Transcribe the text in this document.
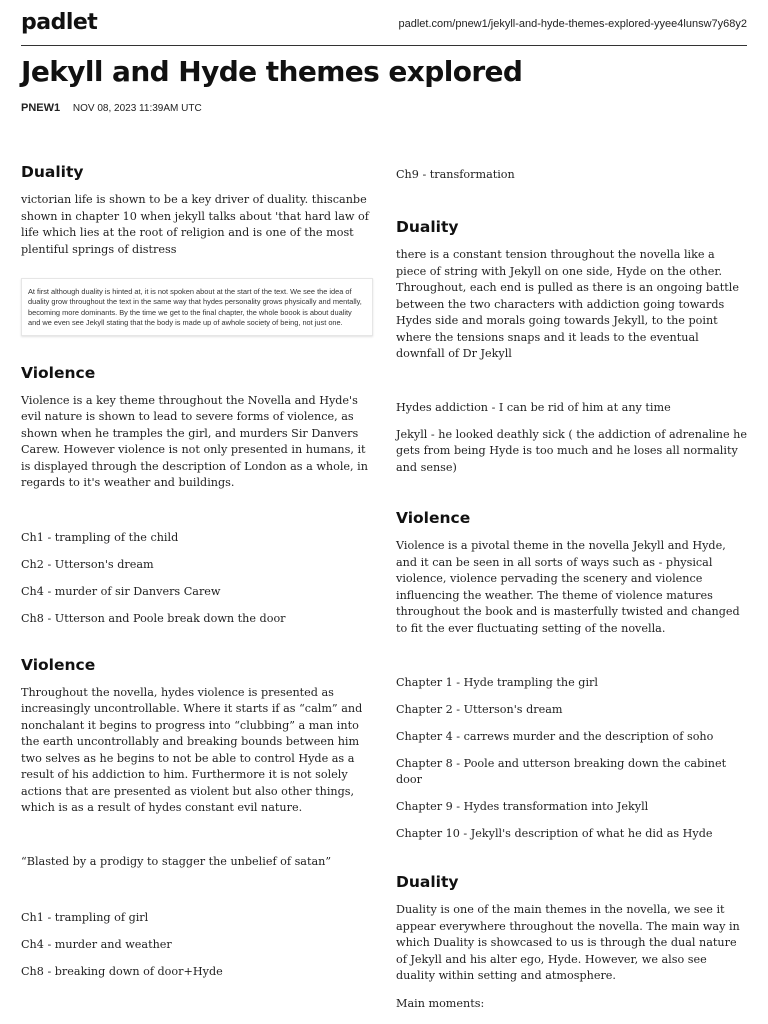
padlet	padlet.com/pnew1/jekyll-and-hyde-themes-explored-yyee4lunsw7y68y2
Jekyll and Hyde themes explored
PNEW1 NOV 08, 2023 11:39AM UTC
Duality

victorian life is shown to be a key driver of duality. thiscanbe shown in chapter 10 when jekyll talks about 'that hard law of life which lies at the root of religion and is one of the most plentiful springs of distress

At first although duality is hinted at, it is not spoken about at the start of the text. We see the idea of duality grow throughout the text in the same way that hydes personality grows physically and mentally, becoming more dominants. By the time we get to the final chapter, the whole boook is about duality and we even see Jekyll stating that the body is made up of awhole society of being, not just one.
Violence

Violence is a key theme throughout the Novella and Hyde's evil nature is shown to lead to severe forms of violence, as shown when he tramples the girl, and murders Sir Danvers Carew. However violence is not only presented in humans, it is displayed through the description of London as a whole, in regards to it's weather and buildings.

Ch1 - trampling of the child

Ch2 - Utterson's dream

Ch4 - murder of sir Danvers Carew

Ch8 - Utterson and Poole break down the door

Violence

Throughout the novella, hydes violence is presented as increasingly uncontrollable. Where it starts if as “calm” and nonchalant it begins to progress into “clubbing” a man into the earth uncontrollably and breaking bounds between him two selves as he begins to not be able to control Hyde as a result of his addiction to him. Furthermore it is not solely actions that are presented as violent but also other things, which is as a result of hydes constant evil nature.

“Blasted by a prodigy to stagger the unbelief of satan”

Ch1 - trampling of girl

Ch4 - murder and weather

Ch8 - breaking down of door+Hyde

Ch9 - transformation

Duality

there is a constant tension throughout the novella like a piece of string with Jekyll on one side, Hyde on the other. Throughout, each end is pulled as there is an ongoing battle between the two characters with addiction going towards Hydes side and morals going towards Jekyll, to the point where the tensions snaps and it leads to the eventual downfall of Dr Jekyll

Hydes addiction - I can be rid of him at any time

Jekyll - he looked deathly sick ( the addiction of adrenaline he gets from being Hyde is too much and he loses all normality and sense)

Violence

Violence is a pivotal theme in the novella Jekyll and Hyde, and it can be seen in all sorts of ways such as - physical violence, violence pervading the scenery and violence influencing the weather. The theme of violence matures throughout the book and is masterfully twisted and changed to fit the ever fluctuating setting of the novella.

Chapter 1 - Hyde trampling the girl

Chapter 2 - Utterson's dream

Chapter 4 - carrews murder and the description of soho

Chapter 8 - Poole and utterson breaking down the cabinet door

Chapter 9 - Hydes transformation into Jekyll

Chapter 10 - Jekyll's description of what he did as Hyde

Duality

Duality is one of the main themes in the novella, we see it appear everywhere throughout the novella. The main way in which Duality is showcased to us is through the dual nature of Jekyll and his alter ego, Hyde. However, we also see duality within setting and atmosphere.

Main moments:
